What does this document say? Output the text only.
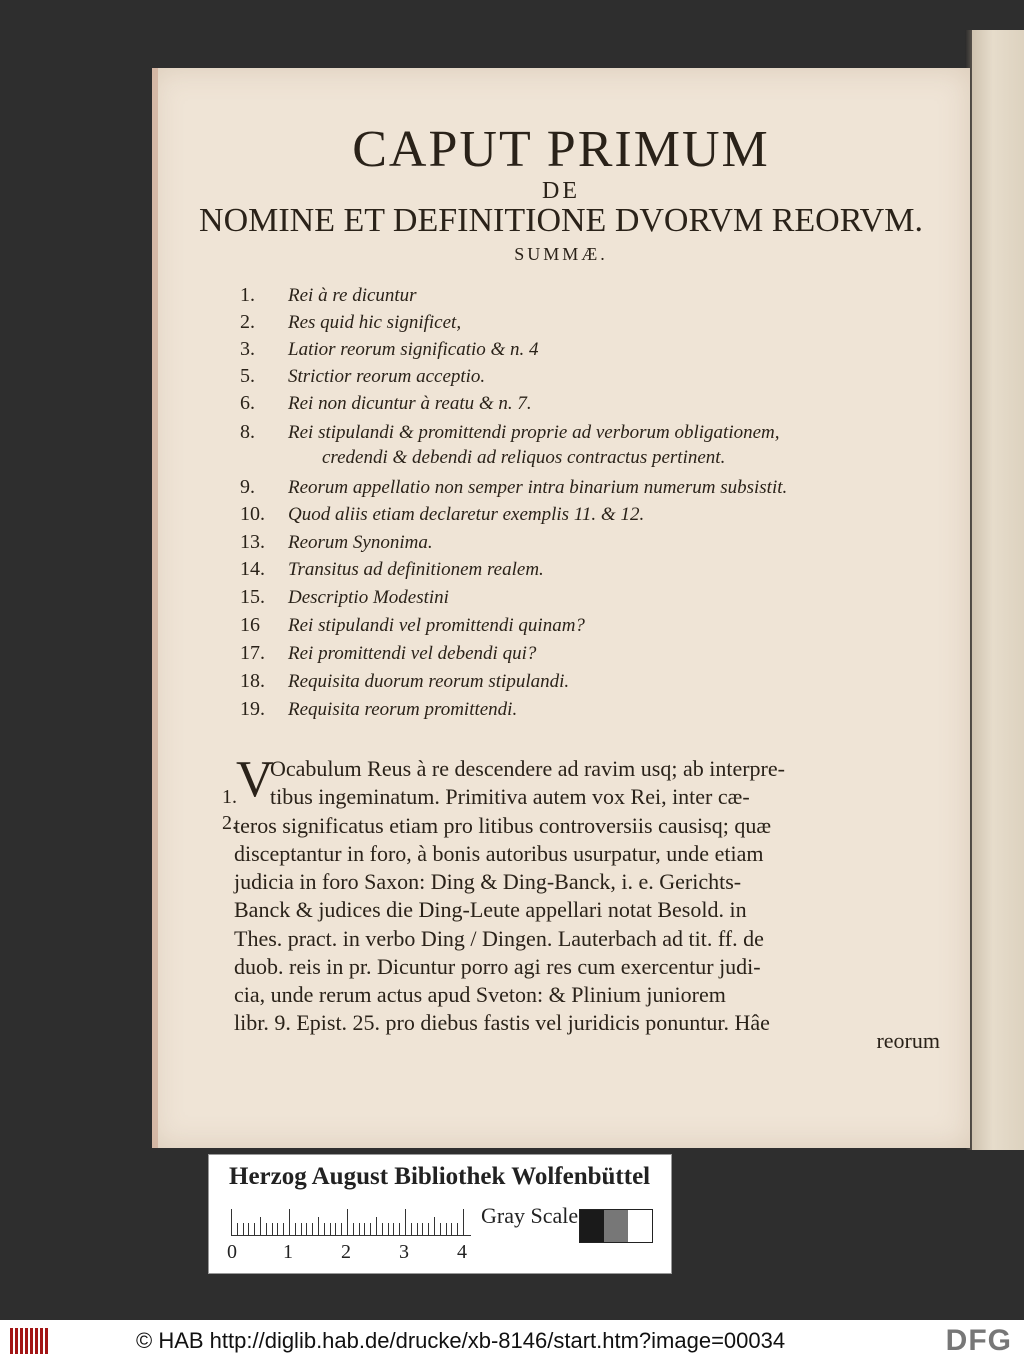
CAPUT PRIMUM
DE
NOMINE ET DEFINITIONE DVORVM REORVM.
SUMMÆ.
1. Rei à re dicuntur
2. Res quid hic significet,
3. Latior reorum significatio & n. 4
5. Strictior reorum acceptio.
6. Rei non dicuntur à reatu & n. 7.
8. Rei stipulandi & promittendi proprie ad verborum obligationem,
credendi & debendi ad reliquos contractus pertinent.
9. Reorum appellatio non semper intra binarium numerum subsistit.
10. Quod aliis etiam declaretur exemplis 11. & 12.
13. Reorum Synonima.
14. Transitus ad definitionem realem.
15. Descriptio Modestini
16 Rei stipulandi vel promittendi quinam?
17. Rei promittendi vel debendi qui?
18. Requisita duorum reorum stipulandi.
19. Requisita reorum promittendi.
V
1.
2.
Ocabulum Reus à re descendere ad ravim usq; ab interpre-
tibus ingeminatum. Primitiva autem vox Rei, inter cæ-
teros significatus etiam pro litibus controversiis causisq; quæ
disceptantur in foro, à bonis autoribus usurpatur, unde etiam
judicia in foro Saxon: Ding & Ding-Banck, i. e. Gerichts-
Banck & judices die Ding-Leute appellari notat Besold. in
Thes. pract. in verbo Ding / Dingen. Lauterbach ad tit. ff. de
duob. reis in pr. Dicuntur porro agi res cum exercentur judi-
cia, unde rerum actus apud Sveton: & Plinium juniorem
libr. 9. Epist. 25. pro diebus fastis vel juridicis ponuntur. Hâe
reorum
Herzog August Bibliothek Wolfenbüttel
0 1 2 3 4
Gray Scale
© HAB http://diglib.hab.de/drucke/xb-8146/start.htm?image=00034	DFG
